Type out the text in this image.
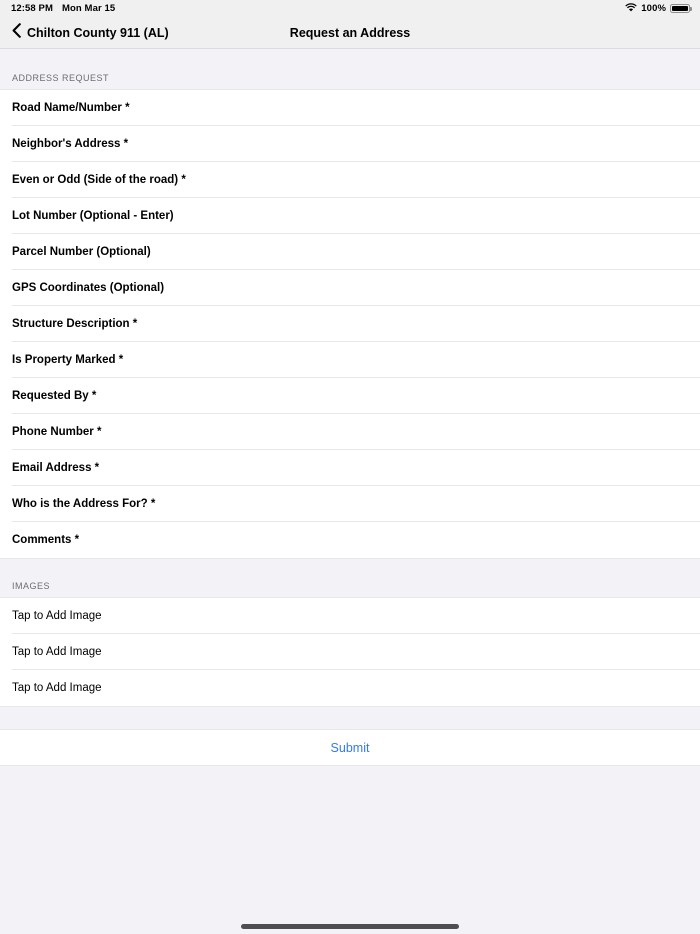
12:58 PM Mon Mar 15	100%
Chilton County 911 (AL)	Request an Address
ADDRESS REQUEST
Road Name/Number *
Neighbor's Address *
Even or Odd (Side of the road) *
Lot Number (Optional - Enter)
Parcel Number (Optional)
GPS Coordinates (Optional)
Structure Description *
Is Property Marked *
Requested By *
Phone Number *
Email Address *
Who is the Address For? *
Comments *
IMAGES
Tap to Add Image
Tap to Add Image
Tap to Add Image
Submit
